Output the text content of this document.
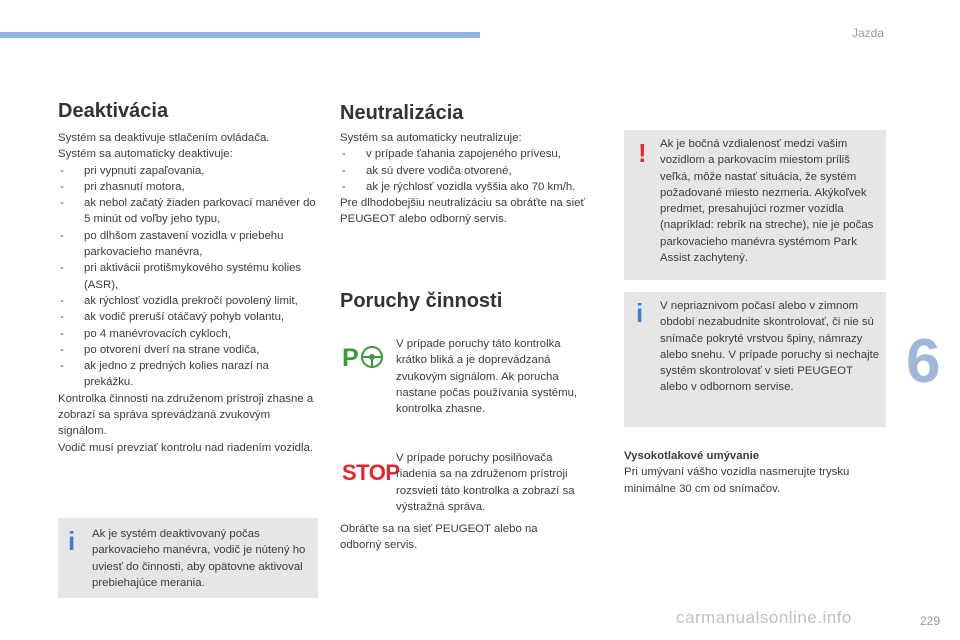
Jazda
6
Deaktivácia

Systém sa deaktivuje stlačením ovládača.

Systém sa automaticky deaktivuje:

- pri vypnutí zapaľovania,
- pri zhasnutí motora,
- ak nebol začatý žiaden parkovací manéver do 5 minút od voľby jeho typu,
- po dlhšom zastavení vozidla v priebehu parkovacieho manévra,
- pri aktivácii protišmykového systému kolies (ASR),
- ak rýchlosť vozidla prekročí povolený limit,
- ak vodič preruší otáčavý pohyb volantu,
- po 4 manévrovacích cykloch,
- po otvorení dverí na strane vodiča,
- ak jedno z predných kolies narazí na prekážku.

Kontrolka činnosti na združenom prístroji zhasne a zobrazí sa správa sprevádzaná zvukovým signálom.

Vodič musí prevziať kontrolu nad riadením vozidla.

i Ak je systém deaktivovaný počas parkovacieho manévra, vodič je nútený ho uviesť do činnosti, aby opätovne aktivoval prebiehajúce merania.
Neutralizácia

Systém sa automaticky neutralizuje:

- v prípade ťahania zapojeného prívesu,
- ak sú dvere vodiča otvorené,
- ak je rýchlosť vozidla vyššia ako 70 km/h.

Pre dlhodobejšiu neutralizáciu sa obráťte na sieť PEUGEOT alebo odborný servis.

Poruchy činnosti
P	V prípade poruchy táto kontrolka krátko bliká a je doprevádzaná zvukovým signálom. Ak porucha nastane počas používania systému, kontrolka zhasne.
STOP
V prípade poruchy posilňovača riadenia sa na združenom prístroji rozsvieti táto kontrolka a zobrazí sa výstražná správa.
Obráťte sa na sieť PEUGEOT alebo na odborný servis.
! Ak je bočná vzdialenosť medzi vašim vozidlom a parkovacím miestom príliš veľká, môže nastať situácia, že systém požadované miesto nezmeria. Akýkoľvek predmet, presahujúci rozmer vozidla (napríklad: rebrík na streche), nie je počas parkovacieho manévra systémom Park Assist zachytený.
i V nepriaznivom počasí alebo v zimnom období nezabudnite skontrolovať, či nie sú snímače pokryté vrstvou špiny, námrazy alebo snehu. V prípade poruchy si nechajte systém skontrolovať v sieti PEUGEOT alebo v odbornom servise.

Vysokotlakové umývanie

Pri umývaní vášho vozidla nasmerujte trysku minimálne 30 cm od snímačov.

carmanualsonline.info	229
